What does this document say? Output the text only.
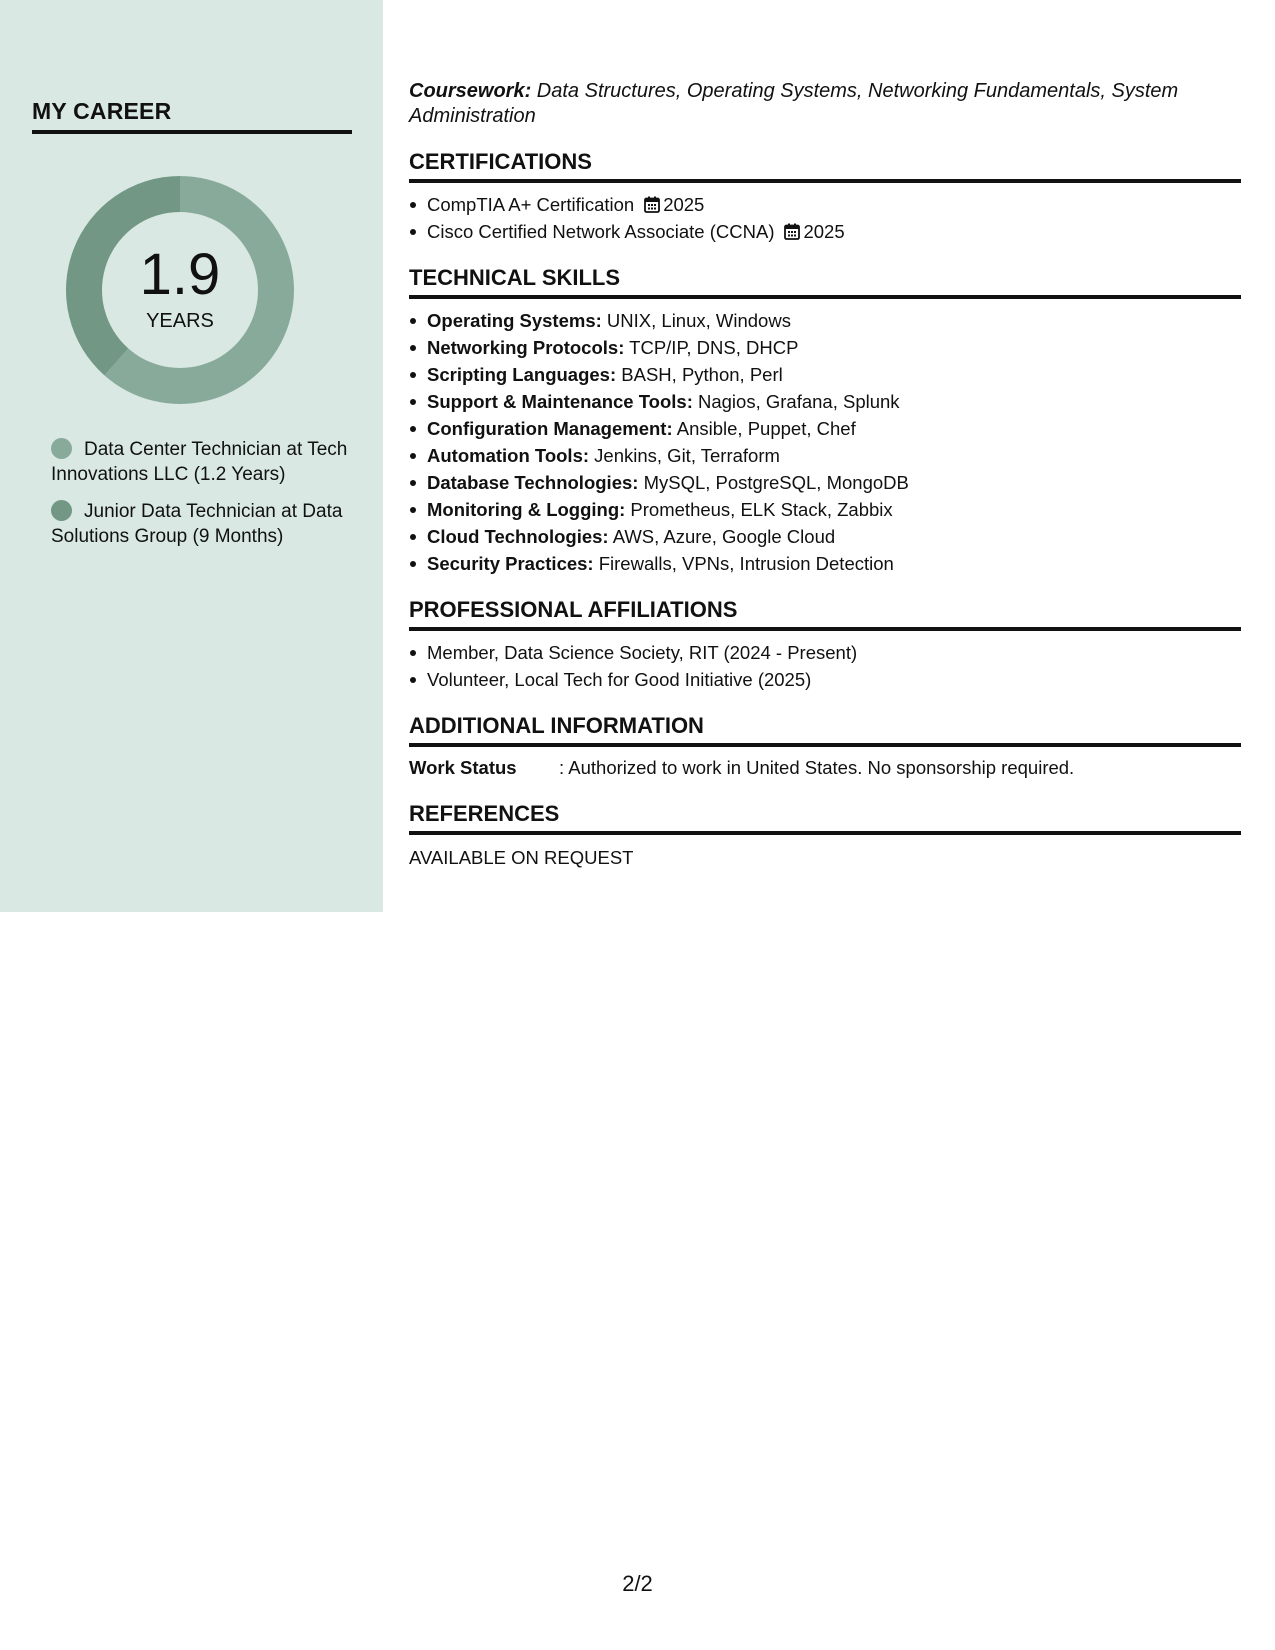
MY CAREER
1.9
YEARS
Data Center Technician at Tech Innovations LLC (1.2 Years)
Junior Data Technician at Data Solutions Group (9 Months)
Coursework: Data Structures, Operating Systems, Networking Fundamentals, System Administration
CERTIFICATIONS
CompTIA A+ Certification 2025
Cisco Certified Network Associate (CCNA) 2025
TECHNICAL SKILLS
Operating Systems: UNIX, Linux, Windows
Networking Protocols: TCP/IP, DNS, DHCP
Scripting Languages: BASH, Python, Perl
Support & Maintenance Tools: Nagios, Grafana, Splunk
Configuration Management: Ansible, Puppet, Chef
Automation Tools: Jenkins, Git, Terraform
Database Technologies: MySQL, PostgreSQL, MongoDB
Monitoring & Logging: Prometheus, ELK Stack, Zabbix
Cloud Technologies: AWS, Azure, Google Cloud
Security Practices: Firewalls, VPNs, Intrusion Detection
PROFESSIONAL AFFILIATIONS
Member, Data Science Society, RIT (2024 - Present)
Volunteer, Local Tech for Good Initiative (2025)
ADDITIONAL INFORMATION
Work Status : Authorized to work in United States. No sponsorship required.
REFERENCES
AVAILABLE ON REQUEST
2/2
